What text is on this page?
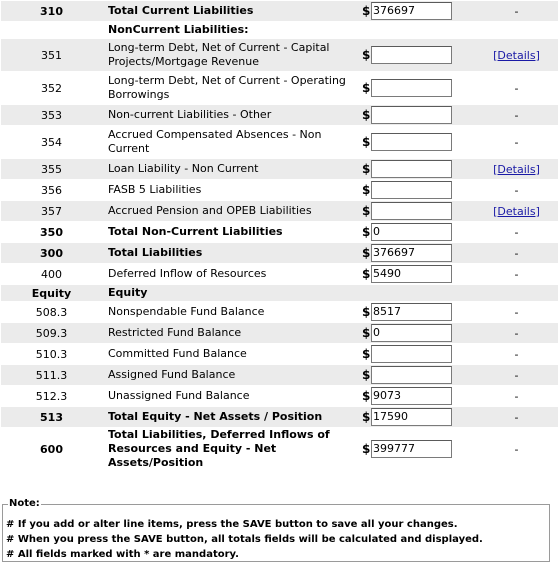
310	Total Current Liabilities	$ 376697	-
	NonCurrent Liabilities:		
351	Long-term Debt, Net of Current - Capital Projects/Mortgage Revenue	$	[Details]
352	Long-term Debt, Net of Current - Operating Borrowings	$	-
353	Non-current Liabilities - Other	$	-
354	Accrued Compensated Absences - Non Current	$	-
355	Loan Liability - Non Current	$	[Details]
356	FASB 5 Liabilities	$	-
357	Accrued Pension and OPEB Liabilities	$	[Details]
350	Total Non-Current Liabilities	$ 0	-
300	Total Liabilities	$ 376697	-
400	Deferred Inflow of Resources	$ 5490	-
Equity	Equity		
508.3	Nonspendable Fund Balance	$ 8517	-
509.3	Restricted Fund Balance	$ 0	-
510.3	Committed Fund Balance	$	-
511.3	Assigned Fund Balance	$	-
512.3	Unassigned Fund Balance	$ 9073	-
513	Total Equity - Net Assets / Position	$ 17590	-
600	Total Liabilities, Deferred Inflows of Resources and Equity - Net Assets/Position	$ 399777	-
Note:
# If you add or alter line items, press the SAVE button to save all your changes.
# When you press the SAVE button, all totals fields will be calculated and displayed.
# All fields marked with * are mandatory.
